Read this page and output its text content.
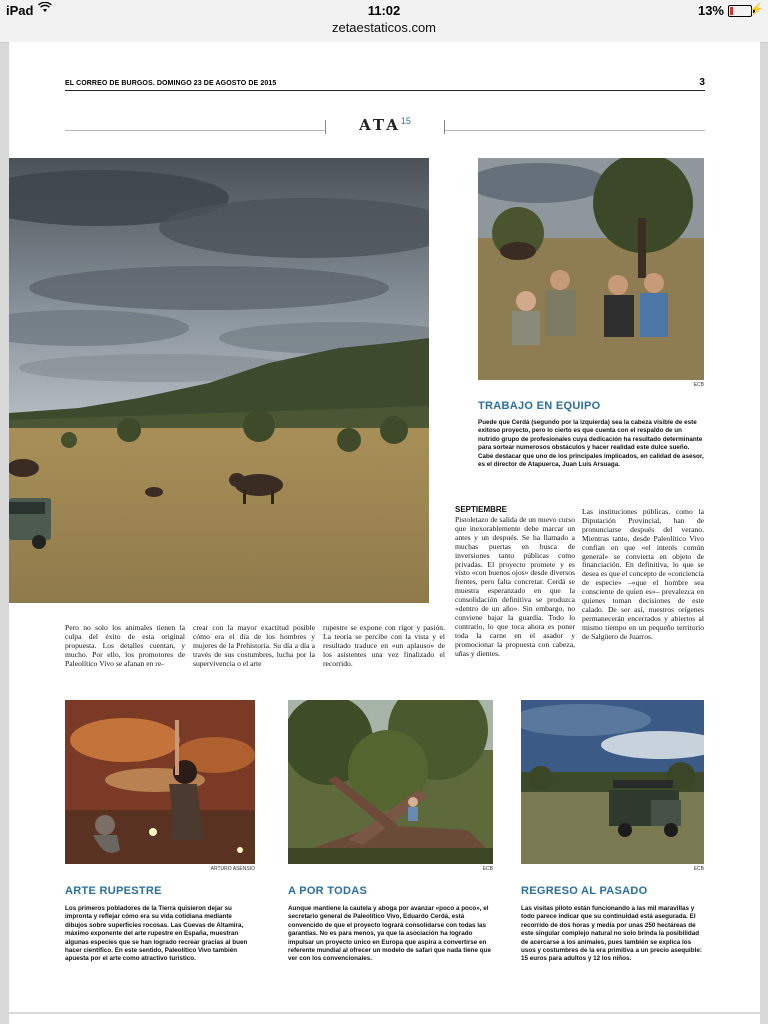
iPad	11:02	13% ⚡
zetaestaticos.com
EL CORREO DE BURGOS. DOMINGO 23 DE AGOSTO DE 2015	3
ATA$^{15}$
ECB
TRABAJO EN EQUIPO
Puede que Cerdá (segundo por la izquierda) sea la cabeza visible de este exitoso proyecto, pero lo cierto es que cuenta con el respaldo de un nutrido grupo de profesionales cuya dedicación ha resultado determinante para sortear numerosos obstáculos y hacer realidad este dulce sueño. Cabe destacar que uno de los principales implicados, en calidad de asesor, es el director de Atapuerca, Juan Luis Arsuaga.
SEPTIEMBRE
Pistoletazo de salida de un nuevo curso que inexorablemente debe marcar un antes y un después. Se ha llamado a muchas puertas en busca de inversiones tanto públicas como privadas. El proyecto promete y es visto «con buenos ojos» desde diversos frentes, pero falta concretar. Cerdá se muestra esperanzado en que la consolidación definitiva se produzca «dentro de un año». Sin embargo, no conviene bajar la guardia. Todo lo contrario, lo que toca ahora es poner toda la carne en el asador y promocionar la propuesta con cabeza, uñas y dientes.
Las instituciones públicas, como la Diputación Provincial, han de pronunciarse después del verano. Mientras tanto, desde Paleolítico Vivo confían en que «el interés común general» se convierta en objeto de financiación. En definitiva, lo que se desea es que el concepto de «conciencia de especie» –«que el hombre sea consciente de quien es»– prevalezca en quienes toman decisiones de este calado. De ser así, nuestros orígenes permanecerán encerrados y abiertos al mismo tiempo en un pequeño territorio de Salgüero de Juarros.
Pero no solo los animales tienen la culpa del éxito de esta original propuesta. Los detalles cuentan, y mucho. Por ello, los promotores de Paleolítico Vivo se afanan en re-
crear con la mayor exactitud posible cómo era el día de los hombres y mujeres de la Prehistoria. Su día a día a través de sus costumbres, lucha por la supervivencia o el arte
rupestre se expone con rigor y pasión. La teoría se percibe con la vista y el resultado traduce en «un aplauso» de los asistentes una vez finalizado el recorrido.
ARTURO ASENSIO
ARTE RUPESTRE
Los primeros pobladores de la Tierra quisieron dejar su impronta y reflejar cómo era su vida cotidiana mediante dibujos sobre superficies rocosas. Las Cuevas de Altamira, máximo exponente del arte rupestre en España, muestran algunas especies que se han logrado recrear gracias al buen hacer científico. En este sentido, Paleolítico Vivo también apuesta por el arte como atractivo turístico.
ECB
A POR TODAS
Aunque mantiene la cautela y aboga por avanzar «poco a poco», el secretario general de Paleolítico Vivo, Eduardo Cerdá, está convencido de que el proyecto logrará consolidarse con todas las garantías. No es para menos, ya que la asociación ha logrado impulsar un proyecto único en Europa que aspira a convertirse en referente mundial al ofrecer un modelo de safari que nada tiene que ver con los convencionales.
ECB
REGRESO AL PASADO
Las visitas piloto están funcionando a las mil maravillas y todo parece indicar que su continuidad está asegurada. El recorrido de dos horas y media por unas 250 hectáreas de este singular complejo natural no solo brinda la posibilidad de acercarse a los animales, pues también se explica los usos y costumbres de la era primitiva a un precio asequible: 15 euros para adultos y 12 los niños.
